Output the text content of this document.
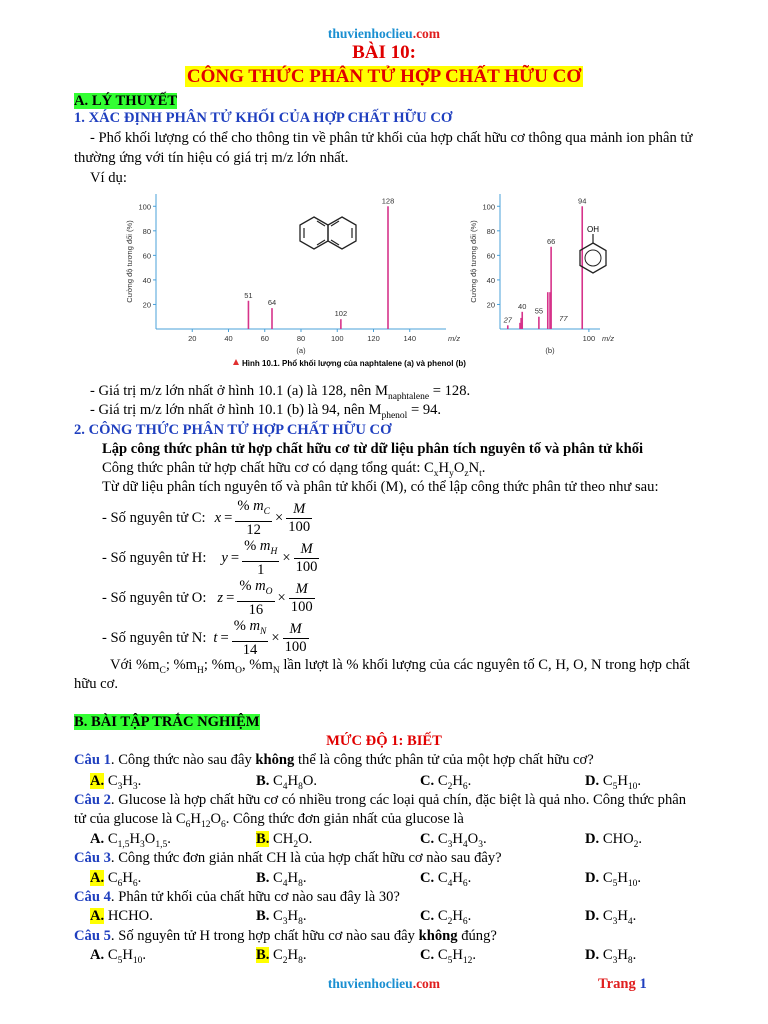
thuvienhoclieu.com
BÀI 10:
CÔNG THỨC PHÂN TỬ HỢP CHẤT HỮU CƠ
A. LÝ THUYẾT
1. XÁC ĐỊNH PHÂN TỬ KHỐI CỦA HỢP CHẤT HỮU CƠ
- Phổ khối lượng có thể cho thông tin về phân tử khối của hợp chất hữu cơ thông qua mảnh ion phân tử
thường ứng với tín hiệu có giá trị m/z lớn nhất.
Ví dụ:
20
40
60
80
100
20	40	60	80	100	120	140
51
64
102
128
m/z
Cường độ tương đối (%)
(a)
20
40
60
80
100
100
27
40
55
66
77
94
m/z
Cường độ tương đối (%)
(b)
OH
Hình 10.1. Phổ khối lượng của naphtalene (a) và phenol (b)
- Giá trị m/z lớn nhất ở hình 10.1 (a) là 128, nên $M_{naphtalene} = 128$.
- Giá trị m/z lớn nhất ở hình 10.1 (b) là 94, nên $M_{phenol} = 94$.
2. CÔNG THỨC PHÂN TỬ HỢP CHẤT HỮU CƠ
Lập công thức phân tử hợp chất hữu cơ từ dữ liệu phân tích nguyên tố và phân tử khối
Công thức phân tử hợp chất hữu cơ có dạng tổng quát: $C_xH_yO_zN_t$.
Từ dữ liệu phân tích nguyên tố và phân tử khối (M), có thể lập công thức phân tử theo như sau:
- Số nguyên tử C: $x = \frac{\% m_C}{12} \times \frac{M}{100}$
- Số nguyên tử H: $y = \frac{\% m_H}{1} \times \frac{M}{100}$
- Số nguyên tử O: $z = \frac{\% m_O}{16} \times \frac{M}{100}$
- Số nguyên tử N: $t = \frac{\% m_N}{14} \times \frac{M}{100}$
Với $\%m_C$; $\%m_H$; $\%m_O$, $\%m_N$ lần lượt là % khối lượng của các nguyên tố C, H, O, N trong hợp chất
hữu cơ.
B. BÀI TẬP TRẮC NGHIỆM
MỨC ĐỘ 1: BIẾT
Câu 1. Công thức nào sau đây không thể là công thức phân tử của một hợp chất hữu cơ?
A. $C_3H_3$.	B. $C_4H_8O$.	C. $C_2H_6$.	D. $C_5H_{10}$.
Câu 2. Glucose là hợp chất hữu cơ có nhiều trong các loại quả chín, đặc biệt là quả nho. Công thức phân
tử của glucose là $C_6H_{12}O_6$. Công thức đơn giản nhất của glucose là
A. $C_{1,5}H_3O_{1,5}$.	B. $CH_2O$.	C. $C_3H_4O_3$.	D. $CHO_2$.
Câu 3. Công thức đơn giản nhất CH là của hợp chất hữu cơ nào sau đây?
A. $C_6H_6$.	B. $C_4H_8$.	C. $C_4H_6$.	D. $C_5H_{10}$.
Câu 4. Phân tử khối của chất hữu cơ nào sau đây là 30?
A. HCHO.	B. $C_3H_8$.	C. $C_2H_6$.	D. $C_3H_4$.
Câu 5. Số nguyên tử H trong hợp chất hữu cơ nào sau đây không đúng?
A. $C_5H_{10}$.	B. $C_2H_8$.	C. $C_5H_{12}$.	D. $C_3H_8$.
thuvienhoclieu.com	Trang 1
